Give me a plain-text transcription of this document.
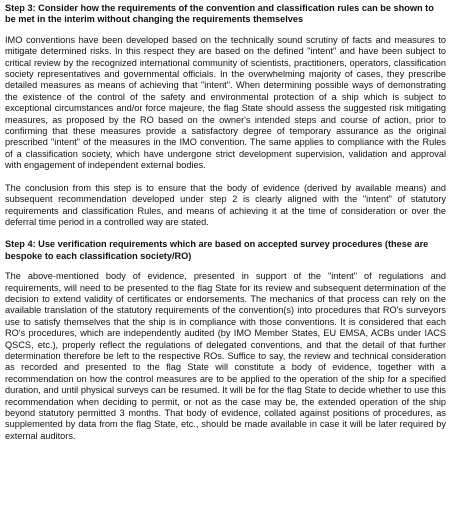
Step 3: Consider how the requirements of the convention and classification rules can be shown to be met in the interim without changing the requirements themselves

IMO conventions have been developed based on the technically sound scrutiny of facts and measures to mitigate determined risks. In this respect they are based on the defined "intent" and have been subject to critical review by the recognized international community of scientists, practitioners, operators, classification society representatives and governmental officials. In the overwhelming majority of cases, they prescribe detailed measures as means of achieving that "intent". When determining possible ways of demonstrating the existence of the control of the safety and environmental protection of a ship which is subject to exceptional circumstances and/or force majeure, the flag State should assess the suggested risk mitigating measures, as proposed by the RO based on the owner's intended steps and course of action, prior to confirming that these measures provide a satisfactory degree of temporary assurance as the original prescribed "intent" of the measures in the IMO convention. The same applies to compliance with the Rules of a classification society, which have undergone strict development supervision, validation and approval with engagement of independent external bodies.

The conclusion from this step is to ensure that the body of evidence (derived by available means) and subsequent recommendation developed under step 2 is clearly aligned with the "intent" of statutory requirements and classification Rules, and means of achieving it at the time of consideration or over the deferral time period in a controlled way are stated.

Step 4: Use verification requirements which are based on accepted survey procedures (these are bespoke to each classification society/RO)

The above-mentioned body of evidence, presented in support of the "intent" of regulations and requirements, will need to be presented to the flag State for its review and subsequent determination of the decision to extend validity of certificates or endorsements. The mechanics of that process can rely on the available translation of the statutory requirements of the convention(s) into procedures that RO's surveyors use to satisfy themselves that the ship is in compliance with those conventions. It is considered that each RO's procedures, which are independently audited (by IMO Member States, EU EMSA, ACBs under IACS QSCS, etc.), properly reflect the regulations of delegated conventions, and that the detail of that further determination therefore be left to the respective ROs. Suffice to say, the review and technical consideration as recorded and presented to the flag State will constitute a body of evidence, together with a recommendation on how the control measures are to be applied to the operation of the ship for a specified duration, and until physical surveys can be resumed. It will be for the flag State to decide whether to use this recommendation when deciding to permit, or not as the case may be, the extended operation of the ship beyond statutory permitted 3 months. That body of evidence, collated against positions of procedures, as supplemented by data from the flag State, etc., should be made available in case it will be later required by external auditors.
